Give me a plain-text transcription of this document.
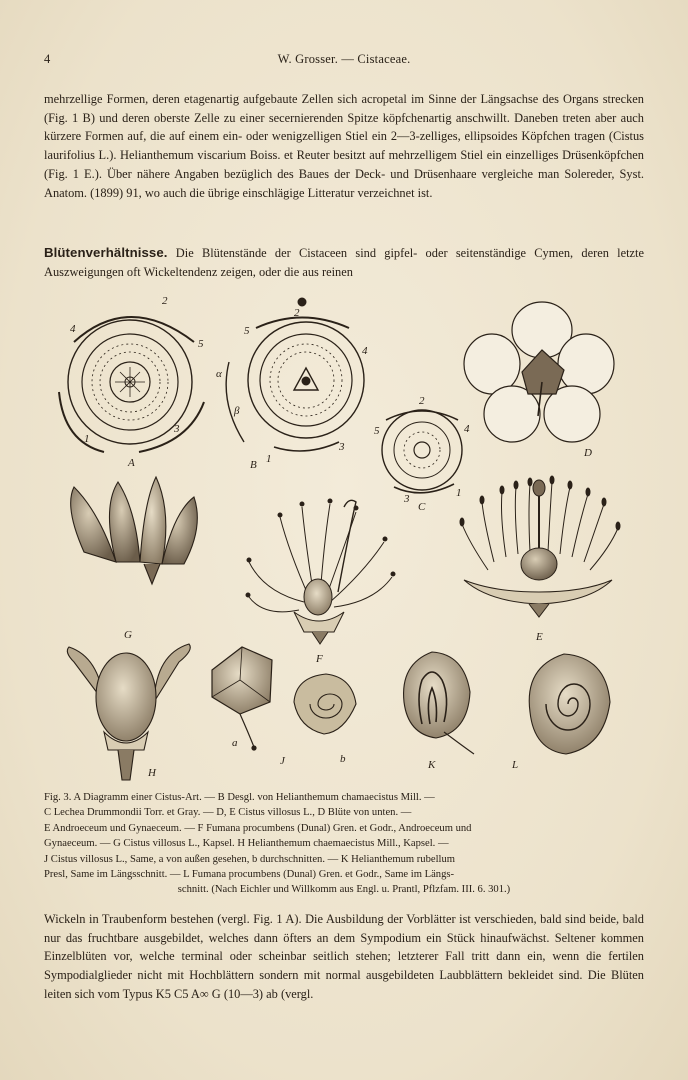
4	W. Grosser. — Cistaceae.

mehrzellige Formen, deren etagenartig aufgebaute Zellen sich acropetal im Sinne der Längsachse des Organs strecken (Fig. 1 B) und deren oberste Zelle zu einer secernierenden Spitze köpfchenartig anschwillt. Daneben treten aber auch kürzere Formen auf, die auf einem ein- oder wenigzelligen Stiel ein 2—3-zelliges, ellipsoides Köpfchen tragen (Cistus laurifolius L.). Helianthemum viscarium Boiss. et Reuter besitzt auf mehrzelligem Stiel ein einzelliges Drüsenköpfchen (Fig. 1 E.). Über nähere Angaben bezüglich des Baues der Deck- und Drüsenhaare vergleiche man Solereder, Syst. Anatom. (1899) 91, wo auch die übrige einschlägige Litteratur verzeichnet ist.

Blütenverhältnisse. Die Blütenstände der Cistaceen sind gipfel- oder seitenständige Cymen, deren letzte Auszweigungen oft Wickeltendenz zeigen, oder die aus reinen

4
2
5
1
3
A
2
5
4
β
α
1
3
B
2
5	4
3	1
C
D
G
F
E
H
a
J	b	K	L

Fig. 3. A Diagramm einer Cistus-Art. — B Desgl. von Helianthemum chamaecistus Mill. —

C Lechea Drummondii Torr. et Gray. — D, E Cistus villosus L., D Blüte von unten. —

E Androeceum und Gynaeceum. — F Fumana procumbens (Dunal) Gren. et Godr., Androeceum und

Gynaeceum. — G Cistus villosus L., Kapsel. H Helianthemum chaemaecistus Mill., Kapsel. —

J Cistus villosus L., Same, a von außen gesehen, b durchschnitten. — K Helianthemum rubellum

Presl, Same im Längsschnitt. — L Fumana procumbens (Dunal) Gren. et Godr., Same im Längs-

schnitt. (Nach Eichler und Willkomm aus Engl. u. Prantl, Pflzfam. III. 6. 301.)

Wickeln in Traubenform bestehen (vergl. Fig. 1 A). Die Ausbildung der Vorblätter ist verschieden, bald sind beide, bald nur das fruchtbare ausgebildet, welches dann öfters an dem Sympodium ein Stück hinaufwächst. Seltener kommen Einzelblüten vor, welche terminal oder scheinbar seitlich stehen; letzterer Fall tritt dann ein, wenn die fertilen Sympodialglieder nicht mit Hochblättern sondern mit normal ausgebildeten Laubblättern bekleidet sind. Die Blüten leiten sich vom Typus K5 C5 A∞ G (10—3) ab (vergl.
